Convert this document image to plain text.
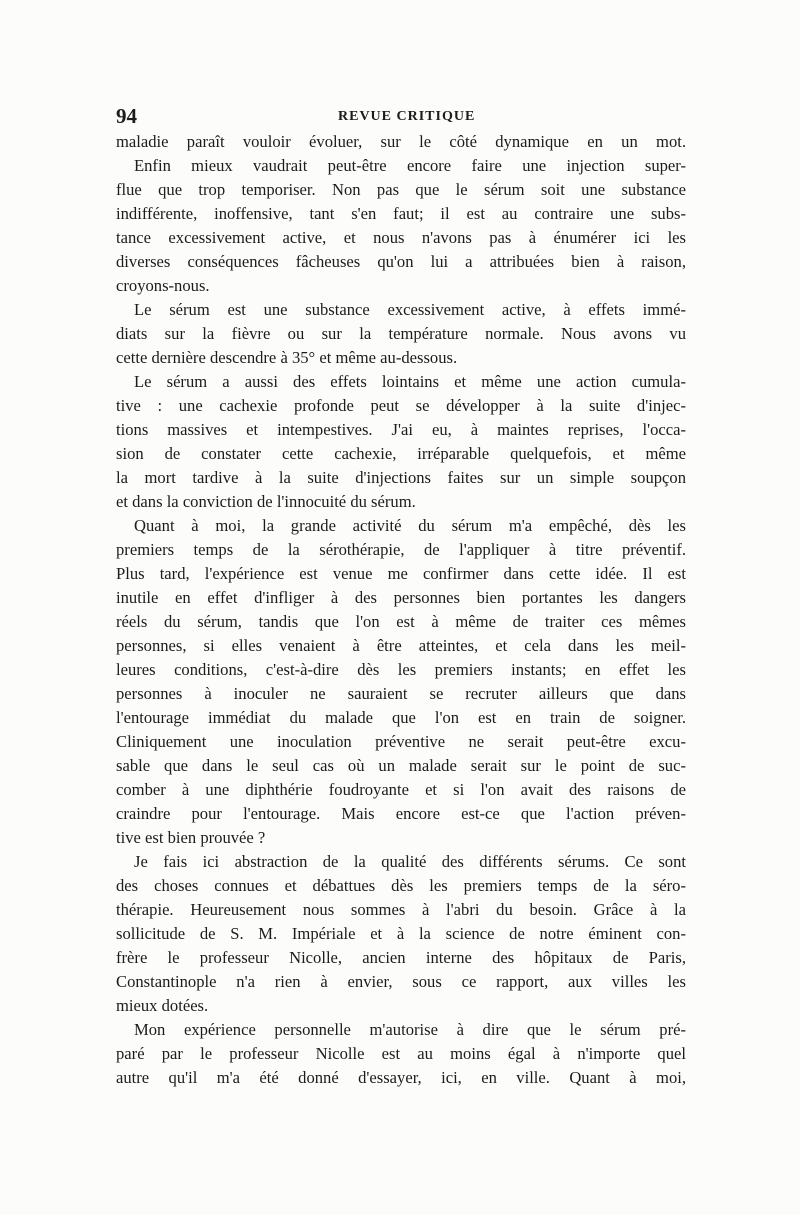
94	REVUE CRITIQUE
maladie paraît vouloir évoluer, sur le côté dynamique en un mot.
Enfin mieux vaudrait peut-être encore faire une injection super-
flue que trop temporiser. Non pas que le sérum soit une substance
indifférente, inoffensive, tant s'en faut; il est au contraire une subs-
tance excessivement active, et nous n'avons pas à énumérer ici les
diverses conséquences fâcheuses qu'on lui a attribuées bien à raison,
croyons-nous.
Le sérum est une substance excessivement active, à effets immé-
diats sur la fièvre ou sur la température normale. Nous avons vu
cette dernière descendre à 35° et même au-dessous.
Le sérum a aussi des effets lointains et même une action cumula-
tive : une cachexie profonde peut se développer à la suite d'injec-
tions massives et intempestives. J'ai eu, à maintes reprises, l'occa-
sion de constater cette cachexie, irréparable quelquefois, et même
la mort tardive à la suite d'injections faites sur un simple soupçon
et dans la conviction de l'innocuité du sérum.
Quant à moi, la grande activité du sérum m'a empêché, dès les
premiers temps de la sérothérapie, de l'appliquer à titre préventif.
Plus tard, l'expérience est venue me confirmer dans cette idée. Il est
inutile en effet d'infliger à des personnes bien portantes les dangers
réels du sérum, tandis que l'on est à même de traiter ces mêmes
personnes, si elles venaient à être atteintes, et cela dans les meil-
leures conditions, c'est-à-dire dès les premiers instants; en effet les
personnes à inoculer ne sauraient se recruter ailleurs que dans
l'entourage immédiat du malade que l'on est en train de soigner.
Cliniquement une inoculation préventive ne serait peut-être excu-
sable que dans le seul cas où un malade serait sur le point de suc-
comber à une diphthérie foudroyante et si l'on avait des raisons de
craindre pour l'entourage. Mais encore est-ce que l'action préven-
tive est bien prouvée ?
Je fais ici abstraction de la qualité des différents sérums. Ce sont
des choses connues et débattues dès les premiers temps de la séro-
thérapie. Heureusement nous sommes à l'abri du besoin. Grâce à la
sollicitude de S. M. Impériale et à la science de notre éminent con-
frère le professeur Nicolle, ancien interne des hôpitaux de Paris,
Constantinople n'a rien à envier, sous ce rapport, aux villes les
mieux dotées.
Mon expérience personnelle m'autorise à dire que le sérum pré-
paré par le professeur Nicolle est au moins égal à n'importe quel
autre qu'il m'a été donné d'essayer, ici, en ville. Quant à moi,
